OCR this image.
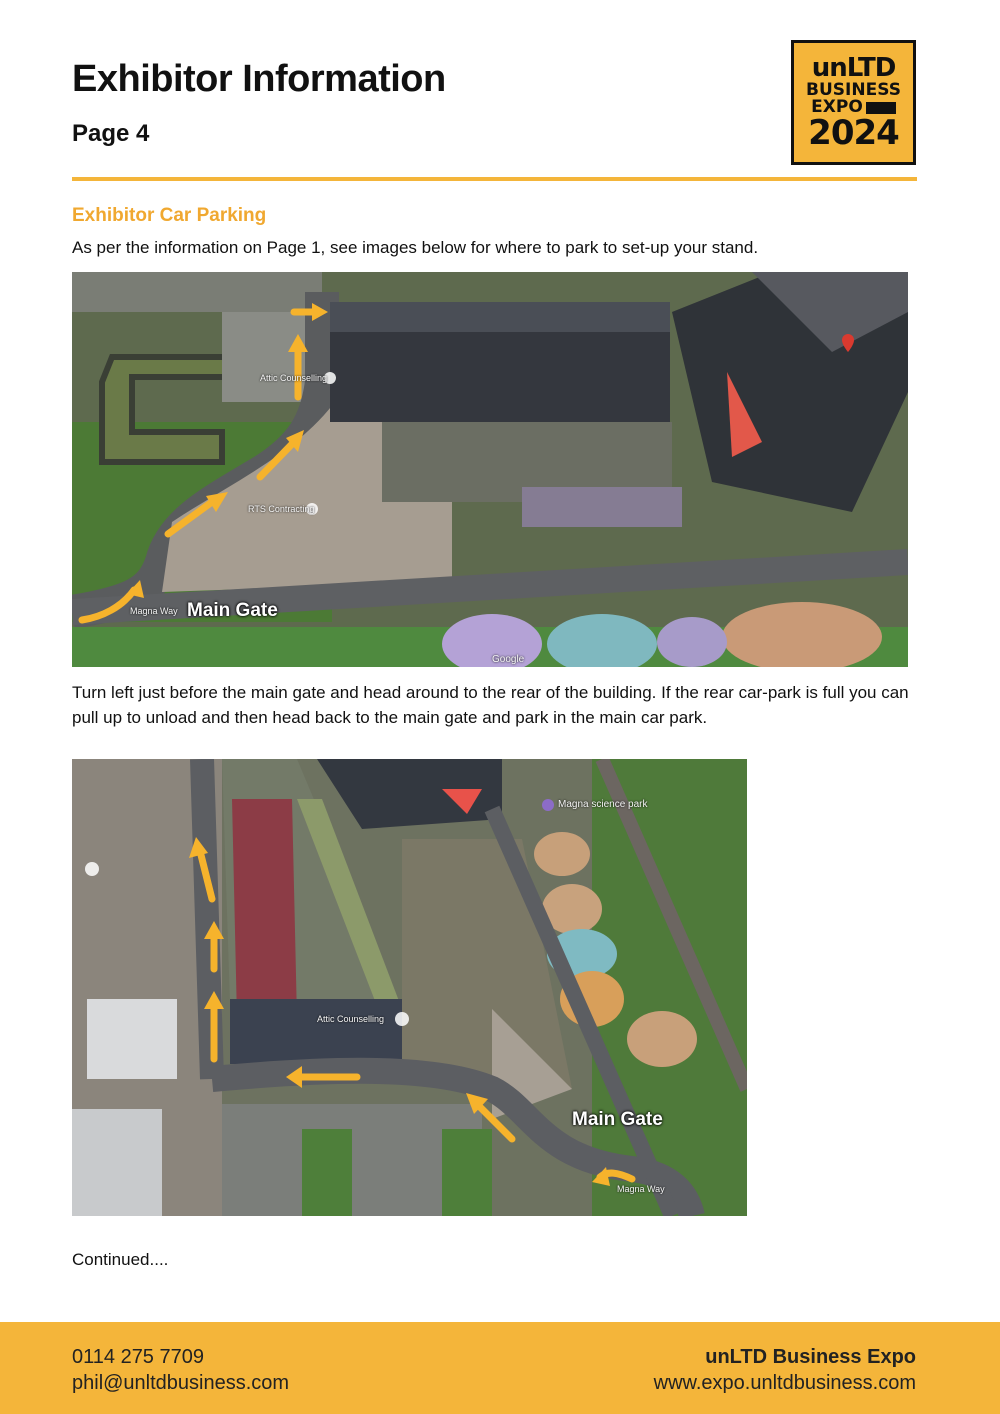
Exhibitor Information
Page 4
unLTD
BUSINESS
EXPO
2024
Exhibitor Car Parking

As per the information on Page 1, see images below for where to park to set-up your stand.

Attic Counselling
RTS Contracting
Magna Way
Google
Main Gate

Turn left just before the main gate and head around to the rear of the building. If the rear car-park is full you can pull up to unload and then head back to the main gate and park in the main car park.

Magna science park
Attic Counselling
Magna Way
Main Gate

Continued....

0114 275 7709
phil@unltdbusiness.com
unLTD Business Expo
www.expo.unltdbusiness.com
